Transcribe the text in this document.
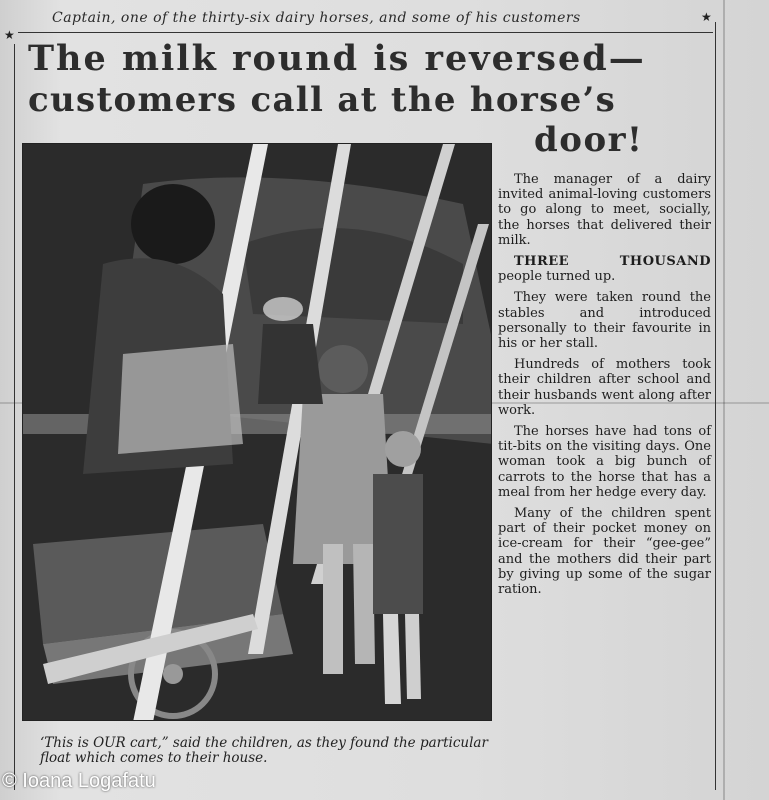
★
★
Captain, one of the thirty-six dairy horses, and some of his customers
The milk round is reversed—
customers call at the horse’s
door!
‘This is OUR cart,” said the children, as they found the particular float which comes to their house.

The manager of a dairy invited animal-loving customers to go along to meet, socially, the horses that delivered their milk.

THREE THOUSAND people turned up.

They were taken round the stables and introduced personally to their favourite in his or her stall.

Hundreds of mothers took their children after school and their husbands went along after work.

The horses have had tons of tit-bits on the visiting days. One woman took a big bunch of carrots to the horse that has a meal from her hedge every day.

Many of the children spent part of their pocket money on ice-cream for their “gee-gee” and the mothers did their part by giving up some of the sugar ration.

© Ioana Logafatu
